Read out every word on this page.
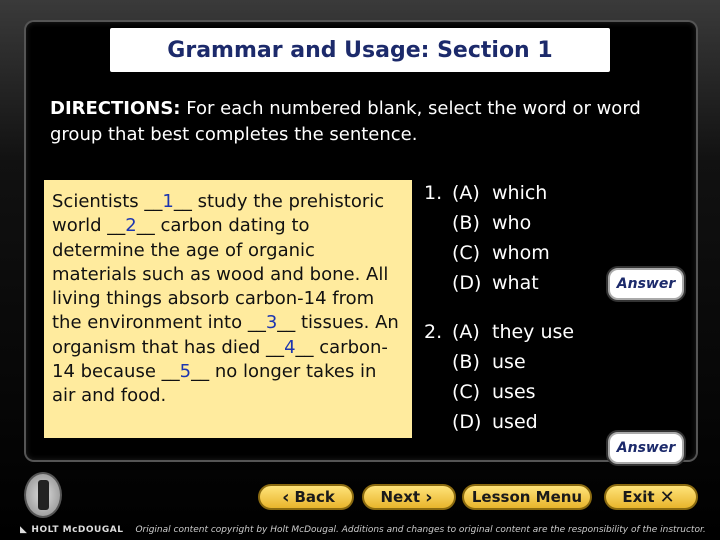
Grammar and Usage: Section 1
DIRECTIONS: For each numbered blank, select the word or word group that best completes the sentence.
Scientists __1__ study the prehistoric world __2__ carbon dating to determine the age of organic materials such as wood and bone. All living things absorb carbon-14 from the environment into __3__ tissues. An organism that has died __4__ carbon-14 because __5__ no longer takes in air and food.
1. (A) which
(B) who
(C) whom
(D) what	Answer
2. (A) they use
(B) use
(C) uses
(D) used
Answer
‹ Back	Next ›	Lesson Menu	Exit ✕
◣ HOLT McDOUGAL Original content copyright by Holt McDougal. Additions and changes to original content are the responsibility of the instructor.
